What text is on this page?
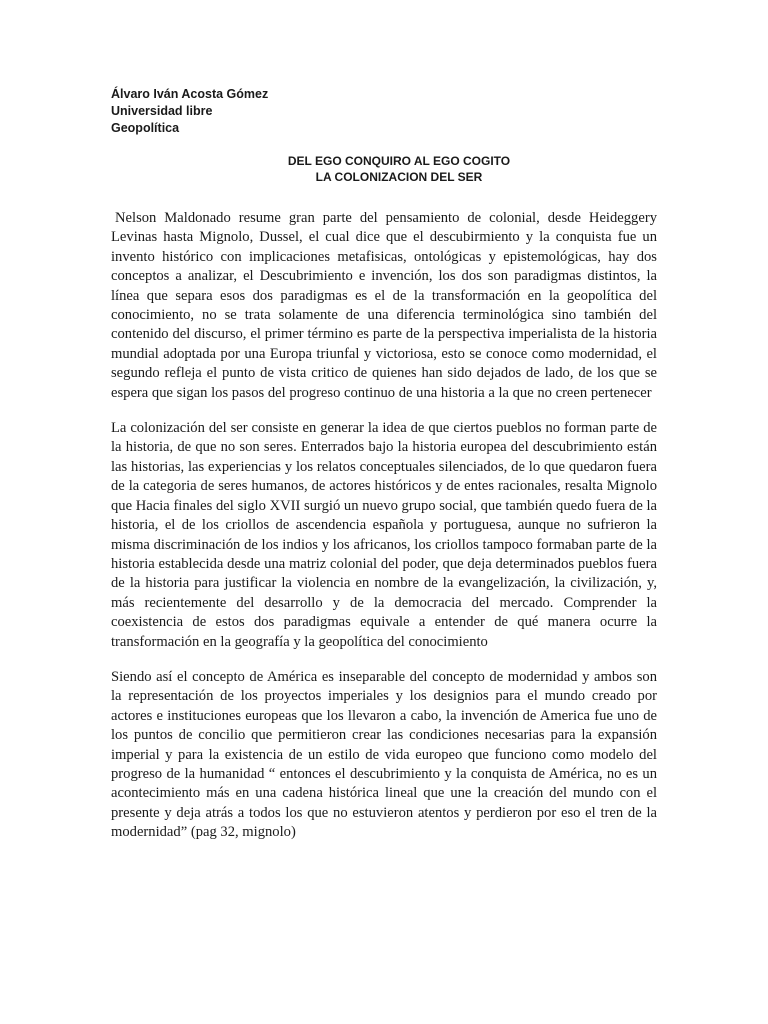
Álvaro Iván Acosta Gómez
Universidad libre
Geopolítica
DEL EGO CONQUIRO AL EGO COGITO
LA COLONIZACION DEL SER

Nelson Maldonado resume gran parte del pensamiento de colonial, desde Heideggery Levinas hasta Mignolo, Dussel, el cual dice que el descubirmiento y la conquista fue un invento histórico con implicaciones metafisicas, ontológicas y epistemológicas, hay dos conceptos a analizar, el Descubrimiento e invención, los dos son paradigmas distintos, la línea que separa esos dos paradigmas es el de la transformación en la geopolítica del conocimiento, no se trata solamente de una diferencia terminológica sino también del contenido del discurso, el primer término es parte de la perspectiva imperialista de la historia mundial adoptada por una Europa triunfal y victoriosa, esto se conoce como modernidad, el segundo refleja el punto de vista critico de quienes han sido dejados de lado, de los que se espera que sigan los pasos del progreso continuo de una historia a la que no creen pertenecer

La colonización del ser consiste en generar la idea de que ciertos pueblos no forman parte de la historia, de que no son seres. Enterrados bajo la historia europea del descubrimiento están las historias, las experiencias y los relatos conceptuales silenciados, de lo que quedaron fuera de la categoria de seres humanos, de actores históricos y de entes racionales, resalta Mignolo que Hacia finales del siglo XVII surgió un nuevo grupo social, que también quedo fuera de la historia, el de los criollos de ascendencia española y portuguesa, aunque no sufrieron la misma discriminación de los indios y los africanos, los criollos tampoco formaban parte de la historia establecida desde una matriz colonial del poder, que deja determinados pueblos fuera de la historia para justificar la violencia en nombre de la evangelización, la civilización, y, más recientemente del desarrollo y de la democracia del mercado. Comprender la coexistencia de estos dos paradigmas equivale a entender de qué manera ocurre la transformación en la geografía y la geopolítica del conocimiento

Siendo así el concepto de América es inseparable del concepto de modernidad y ambos son la representación de los proyectos imperiales y los designios para el mundo creado por actores e instituciones europeas que los llevaron a cabo, la invención de America fue uno de los puntos de concilio que permitieron crear las condiciones necesarias para la expansión imperial y para la existencia de un estilo de vida europeo que funciono como modelo del progreso de la humanidad “ entonces el descubrimiento y la conquista de América, no es un acontecimiento más en una cadena histórica lineal que une la creación del mundo con el presente y deja atrás a todos los que no estuvieron atentos y perdieron por eso el tren de la modernidad” (pag 32, mignolo)
